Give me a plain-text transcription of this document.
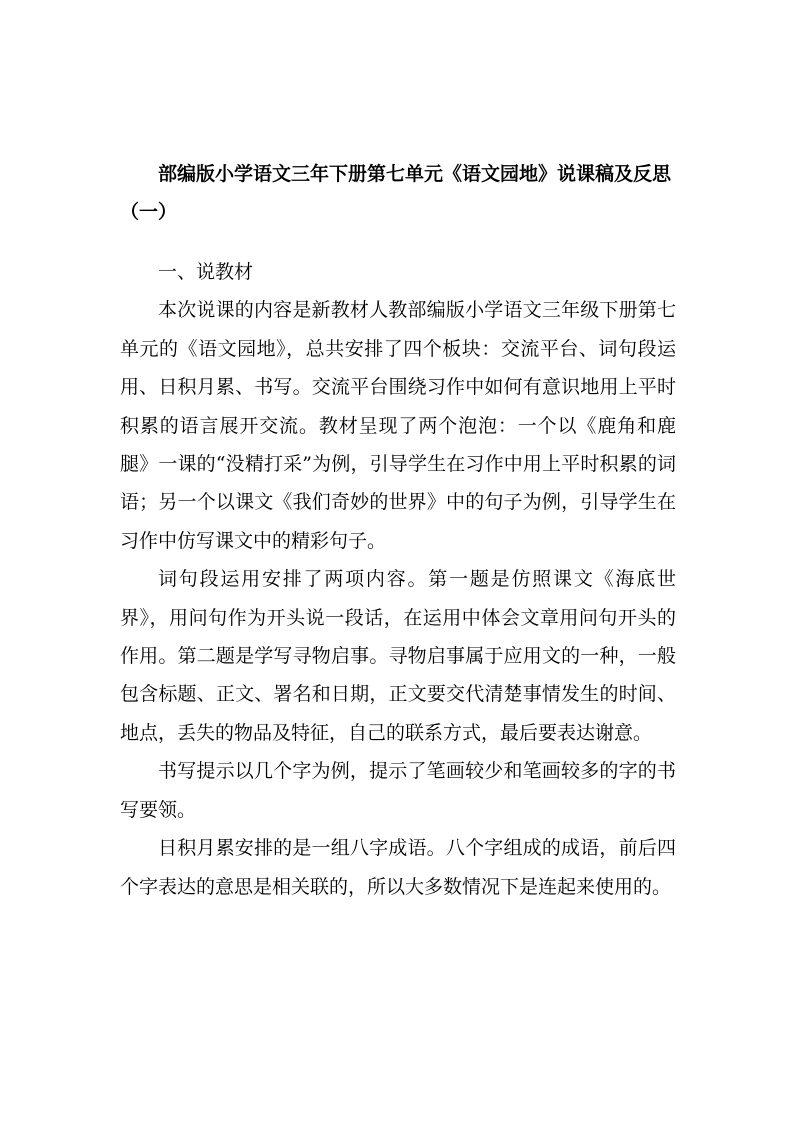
部编版小学语文三年下册第七单元《语文园地》说课稿及反思（一）
一、说教材

本次说课的内容是新教材人教部编版小学语文三年级下册第七单元的《语文园地》，总共安排了四个板块：交流平台、词句段运用、日积月累、书写。交流平台围绕习作中如何有意识地用上平时积累的语言展开交流。教材呈现了两个泡泡：一个以《鹿角和鹿腿》一课的“没精打采”为例，引导学生在习作中用上平时积累的词语；另一个以课文《我们奇妙的世界》中的句子为例，引导学生在习作中仿写课文中的精彩句子。

词句段运用安排了两项内容。第一题是仿照课文《海底世界》，用问句作为开头说一段话，在运用中体会文章用问句开头的作用。第二题是学写寻物启事。寻物启事属于应用文的一种，一般包含标题、正文、署名和日期，正文要交代清楚事情发生的时间、地点，丢失的物品及特征，自己的联系方式，最后要表达谢意。

书写提示以几个字为例，提示了笔画较少和笔画较多的字的书写要领。

日积月累安排的是一组八字成语。八个字组成的成语，前后四个字表达的意思是相关联的，所以大多数情况下是连起来使用的。
